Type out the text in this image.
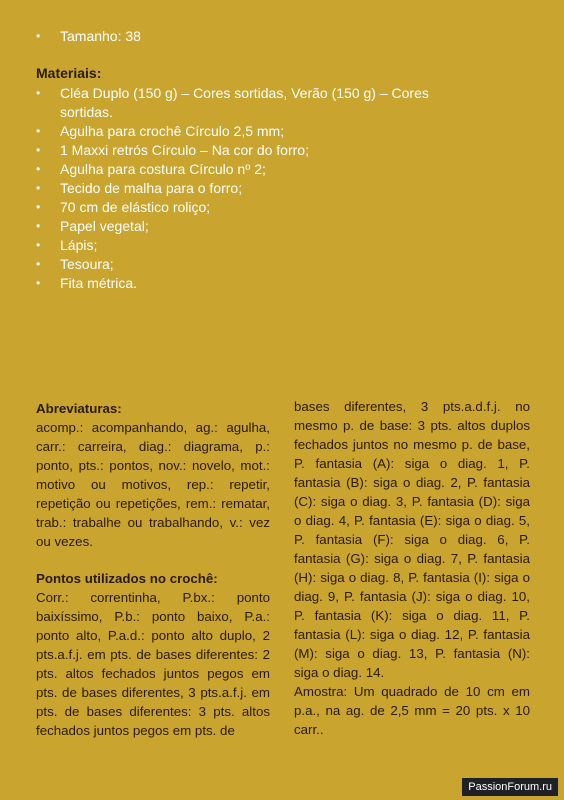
• Tamanho: 38
Materiais:
• Cléa Duplo (150 g) – Cores sortidas, Verão (150 g) – Cores sortidas.
• Agulha para crochê Círculo 2,5 mm;
• 1 Maxxi retrós Círculo – Na cor do forro;
• Agulha para costura Círculo nº 2;
• Tecido de malha para o forro;
• 70 cm de elástico roliço;
• Papel vegetal;
• Lápis;
• Tesoura;
• Fita métrica.

Abreviaturas:

acomp.: acompanhando, ag.: agulha, carr.: carreira, diag.: diagrama, p.: ponto, pts.: pontos, nov.: novelo, mot.: motivo ou motivos, rep.: repetir, repetição ou repetições, rem.: rematar, trab.: trabalhe ou trabalhando, v.: vez ou vezes.

Pontos utilizados no crochê:

Corr.: correntinha, P.bx.: ponto baixíssimo, P.b.: ponto baixo, P.a.: ponto alto, P.a.d.: ponto alto duplo, 2 pts.a.f.j. em pts. de bases diferentes: 2 pts. altos fechados juntos pegos em pts. de bases diferentes, 3 pts.a.f.j. em pts. de bases diferentes: 3 pts. altos fechados juntos pegos em pts. de

bases diferentes, 3 pts.a.d.f.j. no mesmo p. de base: 3 pts. altos duplos fechados juntos no mesmo p. de base, P. fantasia (A): siga o diag. 1, P. fantasia (B): siga o diag. 2, P. fantasia (C): siga o diag. 3, P. fantasia (D): siga o diag. 4, P. fantasia (E): siga o diag. 5, P. fantasia (F): siga o diag. 6, P. fantasia (G): siga o diag. 7, P. fantasia (H): siga o diag. 8, P. fantasia (I): siga o diag. 9, P. fantasia (J): siga o diag. 10, P. fantasia (K): siga o diag. 11, P. fantasia (L): siga o diag. 12, P. fantasia (M): siga o diag. 13, P. fantasia (N): siga o diag. 14.

Amostra: Um quadrado de 10 cm em p.a., na ag. de 2,5 mm = 20 pts. x 10 carr..

PassionForum.ru
